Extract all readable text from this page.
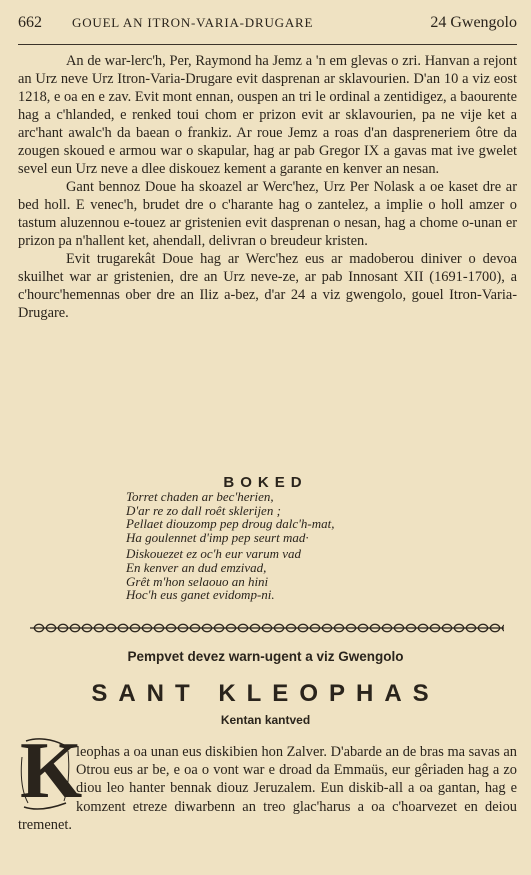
662	GOUEL AN ITRON-VARIA-DRUGARE	24 Gwengolo

An de war-lerc'h, Per, Raymond ha Jemz a 'n em glevas o zri. Hanvan a rejont an Urz neve Urz Itron-Varia-Drugare evit dasprenan ar sklavourien. D'an 10 a viz eost 1218, e oa en e zav. Evit mont ennan, ouspen an tri le ordinal a zentidigez, a baourente hag a c'hlanded, e renked toui chom er prizon evit ar sklavourien, pa ne vije ket a arc'hant awalc'h da baean o frankiz. Ar roue Jemz a roas d'an daspreneriem ôtre da zougen skoued e armou war o skapular, hag ar pab Gregor IX a gavas mat ive gwelet sevel eun Urz neve a dlee diskouez kement a garante en kenver an nesan.

Gant bennoz Doue ha skoazel ar Werc'hez, Urz Per Nolask a oe kaset dre ar bed holl. E venec'h, brudet dre o c'harante hag o zantelez, a implie o holl amzer o tastum aluzennou e-touez ar gristenien evit dasprenan o nesan, hag a chome o-unan er prizon pa n'hallent ket, ahendall, delivran o breudeur kristen.

Evit trugarekât Doue hag ar Werc'hez eus ar madoberou diniver o devoa skuilhet war ar gristenien, dre an Urz neve-ze, ar pab Innosant XII (1691-1700), a c'hourc'hemennas ober dre an Iliz a-bez, d'ar 24 a viz gwengolo, gouel Itron-Varia-Drugare.

BOKED
Torret chaden ar bec'herien,
D'ar re zo dall roêt sklerijen ;
Pellaet diouzomp pep droug dalc'h-mat,
Ha goulennet d'imp pep seurt mad·
Diskouezet ez oc'h eur varum vad
En kenver an dud emzivad,
Grêt m'hon selaouo an hini
Hoc'h eus ganet evidomp-ni.
Pempvet devez warn-ugent a viz Gwengolo
SANT KLEOPHAS
Kentan kantved
K
leophas a oa unan eus diskibien hon Zalver. D'abarde an de bras ma savas an Otrou eus ar be, e oa o vont war e droad da Emmaüs, eur gêriaden hag a zo diou leo hanter bennak diouz Jeruzalem. Eun diskib-all a oa gantan, hag e komzent etreze diwarbenn an treo glac'harus a oa c'hoarvezet en deiou tremenet.
